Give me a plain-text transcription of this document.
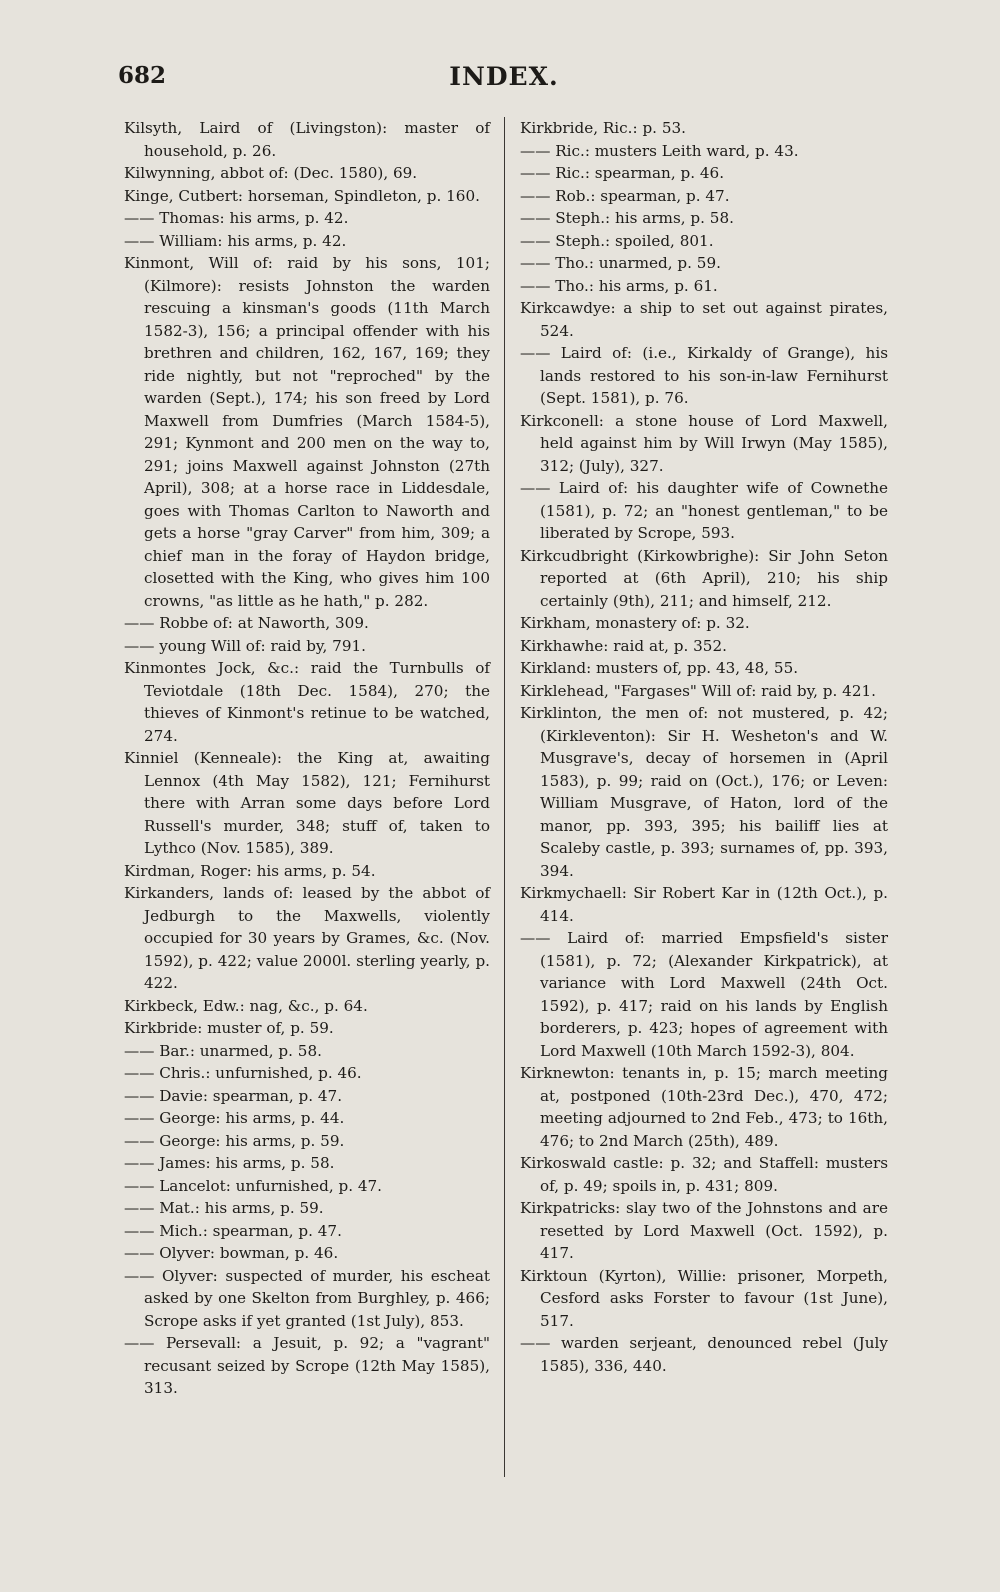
682	INDEX.
Kilsyth, Laird of (Livingston): master of household, p. 26.
Kilwynning, abbot of: (Dec. 1580), 69.
Kinge, Cutbert: horseman, Spindleton, p. 160.
—— Thomas: his arms, p. 42.
—— William: his arms, p. 42.
Kinmont, Will of: raid by his sons, 101; (Kilmore): resists Johnston the warden rescuing a kinsman's goods (11th March 1582-3), 156; a principal offender with his brethren and children, 162, 167, 169; they ride nightly, but not "reproched" by the warden (Sept.), 174; his son freed by Lord Maxwell from Dumfries (March 1584-5), 291; Kynmont and 200 men on the way to, 291; joins Maxwell against Johnston (27th April), 308; at a horse race in Liddesdale, goes with Thomas Carlton to Naworth and gets a horse "gray Carver" from him, 309; a chief man in the foray of Haydon bridge, closetted with the King, who gives him 100 crowns, "as little as he hath," p. 282.
—— Robbe of: at Naworth, 309.
—— young Will of: raid by, 791.
Kinmontes Jock, &c.: raid the Turnbulls of Teviotdale (18th Dec. 1584), 270; the thieves of Kinmont's retinue to be watched, 274.
Kinniel (Kenneale): the King at, awaiting Lennox (4th May 1582), 121; Fernihurst there with Arran some days before Lord Russell's murder, 348; stuff of, taken to Lythco (Nov. 1585), 389.
Kirdman, Roger: his arms, p. 54.
Kirkanders, lands of: leased by the abbot of Jedburgh to the Maxwells, violently occupied for 30 years by Grames, &c. (Nov. 1592), p. 422; value 2000l. sterling yearly, p. 422.
Kirkbeck, Edw.: nag, &c., p. 64.
Kirkbride: muster of, p. 59.
—— Bar.: unarmed, p. 58.
—— Chris.: unfurnished, p. 46.
—— Davie: spearman, p. 47.
—— George: his arms, p. 44.
—— George: his arms, p. 59.
—— James: his arms, p. 58.
—— Lancelot: unfurnished, p. 47.
—— Mat.: his arms, p. 59.
—— Mich.: spearman, p. 47.
—— Olyver: bowman, p. 46.
—— Olyver: suspected of murder, his escheat asked by one Skelton from Burghley, p. 466; Scrope asks if yet granted (1st July), 853.
—— Persevall: a Jesuit, p. 92; a "vagrant" recusant seized by Scrope (12th May 1585), 313.
Kirkbride, Ric.: p. 53.
—— Ric.: musters Leith ward, p. 43.
—— Ric.: spearman, p. 46.
—— Rob.: spearman, p. 47.
—— Steph.: his arms, p. 58.
—— Steph.: spoiled, 801.
—— Tho.: unarmed, p. 59.
—— Tho.: his arms, p. 61.
Kirkcawdye: a ship to set out against pirates, 524.
—— Laird of: (i.e., Kirkaldy of Grange), his lands restored to his son-in-law Fernihurst (Sept. 1581), p. 76.
Kirkconell: a stone house of Lord Maxwell, held against him by Will Irwyn (May 1585), 312; (July), 327.
—— Laird of: his daughter wife of Cownethe (1581), p. 72; an "honest gentleman," to be liberated by Scrope, 593.
Kirkcudbright (Kirkowbrighe): Sir John Seton reported at (6th April), 210; his ship certainly (9th), 211; and himself, 212.
Kirkham, monastery of: p. 32.
Kirkhawhe: raid at, p. 352.
Kirkland: musters of, pp. 43, 48, 55.
Kirklehead, "Fargases" Will of: raid by, p. 421.
Kirklinton, the men of: not mustered, p. 42; (Kirkleventon): Sir H. Wesheton's and W. Musgrave's, decay of horsemen in (April 1583), p. 99; raid on (Oct.), 176; or Leven: William Musgrave, of Haton, lord of the manor, pp. 393, 395; his bailiff lies at Scaleby castle, p. 393; surnames of, pp. 393, 394.
Kirkmychaell: Sir Robert Kar in (12th Oct.), p. 414.
—— Laird of: married Empsfield's sister (1581), p. 72; (Alexander Kirkpatrick), at variance with Lord Maxwell (24th Oct. 1592), p. 417; raid on his lands by English borderers, p. 423; hopes of agreement with Lord Maxwell (10th March 1592-3), 804.
Kirknewton: tenants in, p. 15; march meeting at, postponed (10th-23rd Dec.), 470, 472; meeting adjourned to 2nd Feb., 473; to 16th, 476; to 2nd March (25th), 489.
Kirkoswald castle: p. 32; and Staffell: musters of, p. 49; spoils in, p. 431; 809.
Kirkpatricks: slay two of the Johnstons and are resetted by Lord Maxwell (Oct. 1592), p. 417.
Kirktoun (Kyrton), Willie: prisoner, Morpeth, Cesford asks Forster to favour (1st June), 517.
—— warden serjeant, denounced rebel (July 1585), 336, 440.
